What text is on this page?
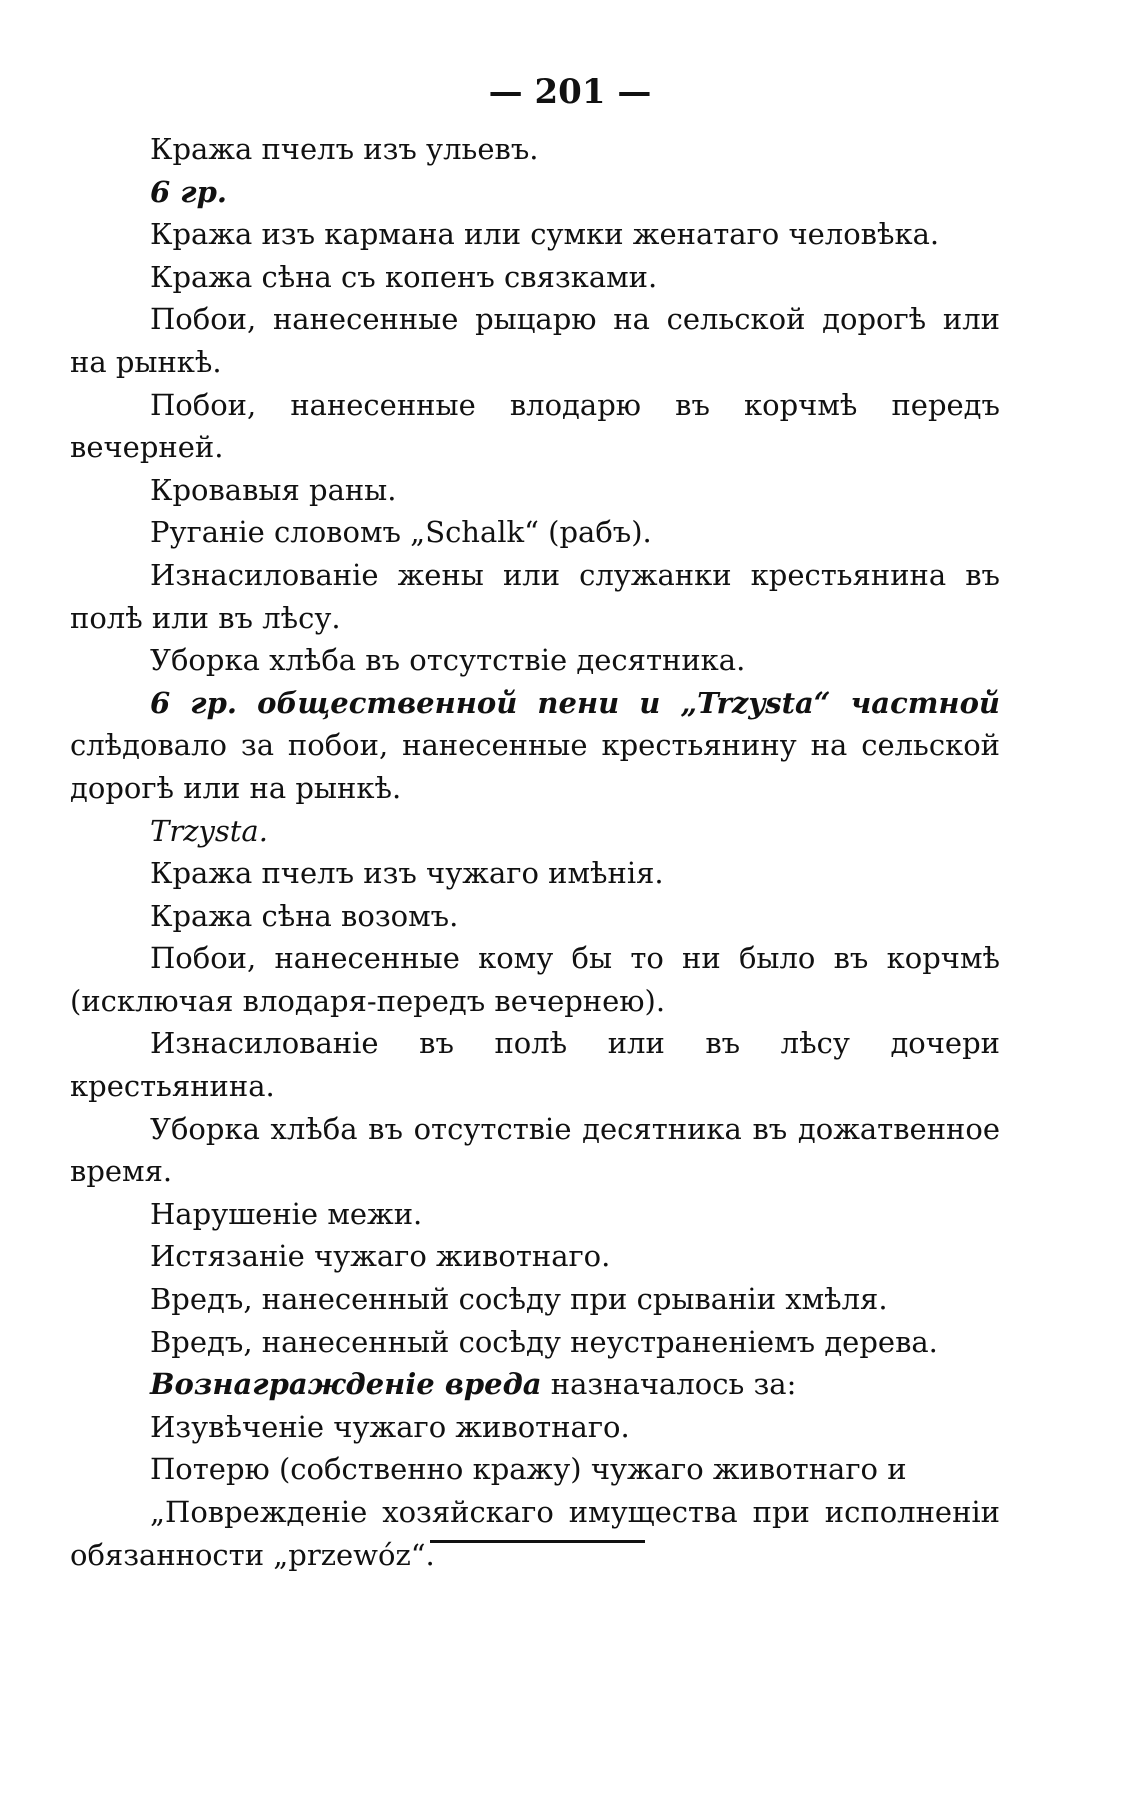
— 201 —

Кража пчелъ изъ ульевъ.

6 гр.

Кража изъ кармана или сумки женатаго человѣка.

Кража сѣна съ копенъ связками.

Побои, нанесенные рыцарю на сельской дорогѣ или на рынкѣ.

Побои, нанесенные влодарю въ корчмѣ передъ вечерней.

Кровавыя раны.

Руганіе словомъ „Schalk“ (рабъ).

Изнасилованіе жены или служанки крестьянина въ полѣ или въ лѣсу.

Уборка хлѣба въ отсутствіе десятника.

6 гр. общественной пени и „Trzysta“ частной слѣдовало за побои, нанесенные крестьянину на сельской дорогѣ или на рынкѣ.

Trzysta.

Кража пчелъ изъ чужаго имѣнія.

Кража сѣна возомъ.

Побои, нанесенные кому бы то ни было въ корчмѣ (исключая влодаря-передъ вечернею).

Изнасилованіе въ полѣ или въ лѣсу дочери крестьянина.

Уборка хлѣба въ отсутствіе десятника въ дожатвенное время.

Нарушеніе межи.

Истязаніе чужаго животнаго.

Вредъ, нанесенный сосѣду при срываніи хмѣля.

Вредъ, нанесенный сосѣду неустраненіемъ дерева.

Вознагражденіе вреда назначалось за:

Изувѣченіе чужаго животнаго.

Потерю (собственно кражу) чужаго животнаго и

„Поврежденіе хозяйскаго имущества при исполненіи обязанности „przewóz“.
